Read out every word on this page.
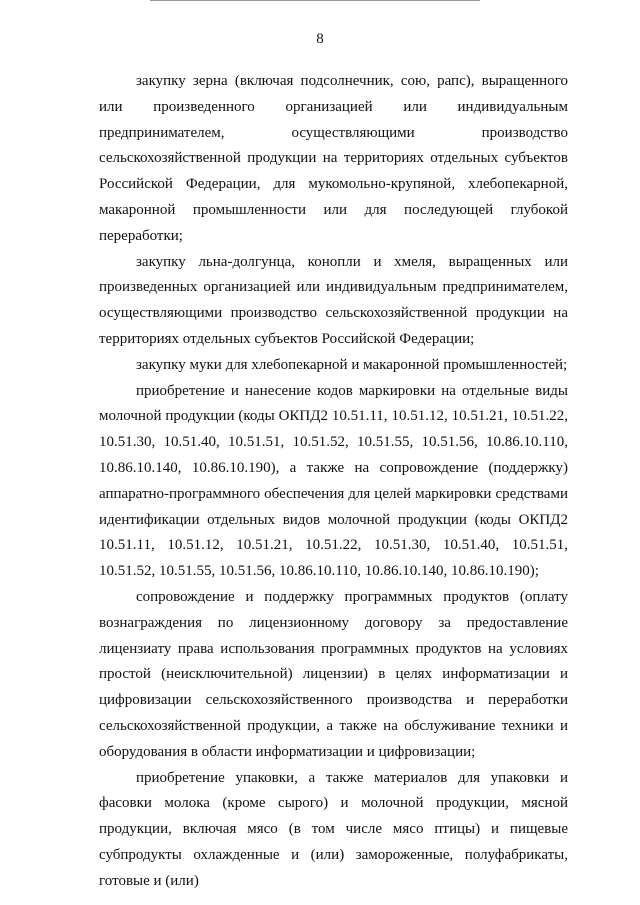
8

закупку зерна (включая подсолнечник, сою, рапс), выращенного или произведенного организацией или индивидуальным предпринимателем, осуществляющими производство сельскохозяйственной продукции на территориях отдельных субъектов Российской Федерации, для мукомольно-крупяной, хлебопекарной, макаронной промышленности или для последующей глубокой переработки;

закупку льна-долгунца, конопли и хмеля, выращенных или произведенных организацией или индивидуальным предпринимателем, осуществляющими производство сельскохозяйственной продукции на территориях отдельных субъектов Российской Федерации;

закупку муки для хлебопекарной и макаронной промышленностей;

приобретение и нанесение кодов маркировки на отдельные виды молочной продукции (коды ОКПД2 10.51.11, 10.51.12, 10.51.21, 10.51.22, 10.51.30, 10.51.40, 10.51.51, 10.51.52, 10.51.55, 10.51.56, 10.86.10.110, 10.86.10.140, 10.86.10.190), а также на сопровождение (поддержку) аппаратно-программного обеспечения для целей маркировки средствами идентификации отдельных видов молочной продукции (коды ОКПД2 10.51.11, 10.51.12, 10.51.21, 10.51.22, 10.51.30, 10.51.40, 10.51.51, 10.51.52, 10.51.55, 10.51.56, 10.86.10.110, 10.86.10.140, 10.86.10.190);

сопровождение и поддержку программных продуктов (оплату вознаграждения по лицензионному договору за предоставление лицензиату права использования программных продуктов на условиях простой (неисключительной) лицензии) в целях информатизации и цифровизации сельскохозяйственного производства и переработки сельскохозяйственной продукции, а также на обслуживание техники и оборудования в области информатизации и цифровизации;

приобретение упаковки, а также материалов для упаковки и фасовки молока (кроме сырого) и молочной продукции, мясной продукции, включая мясо (в том числе мясо птицы) и пищевые субпродукты охлажденные и (или) замороженные, полуфабрикаты, готовые и (или)
